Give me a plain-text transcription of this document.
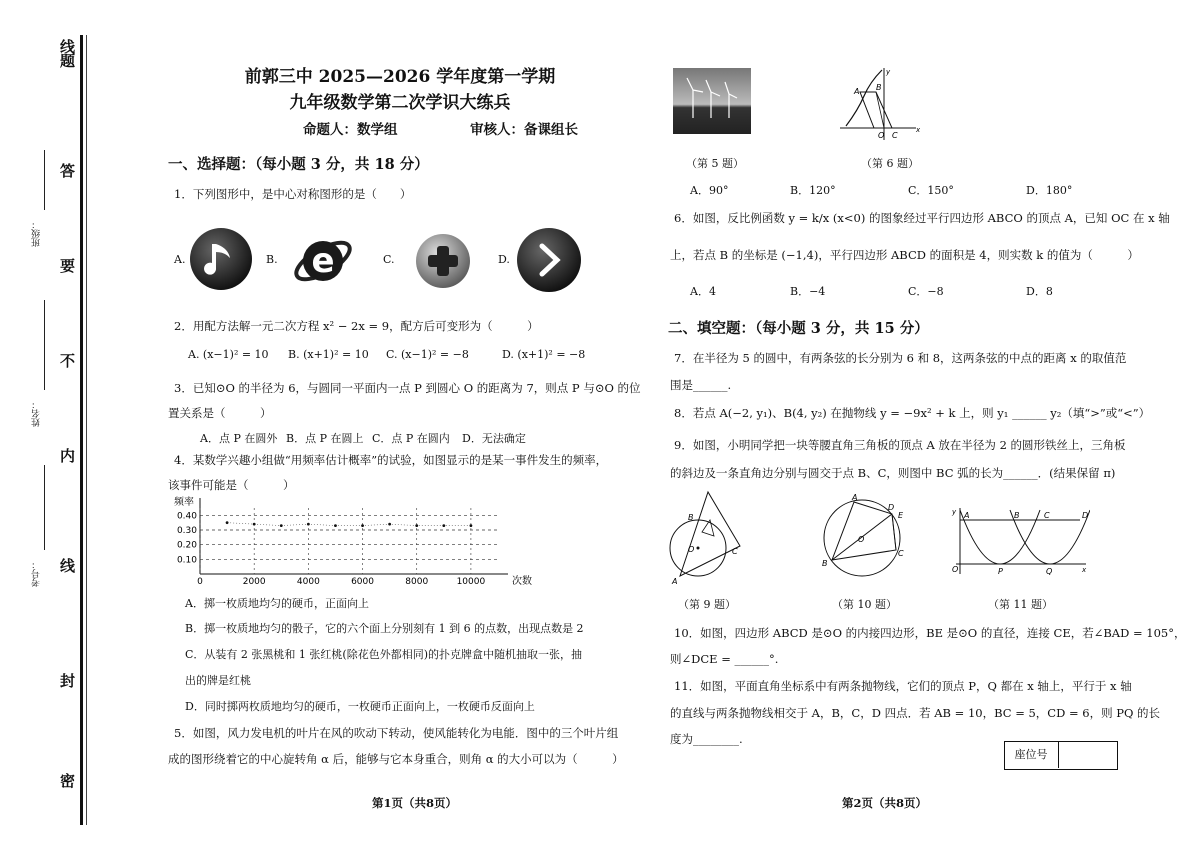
线
题
答
要
不
内
线
封
密
班级：
姓名：
考号：
前郭三中 2025—2026 学年度第一学期
九年级数学第二次学识大练兵
命题人：数学组	审核人：备课组长
一、选择题：（每小题 3 分，共 18 分）
1．下列图形中，是中心对称图形的是（　　）
A.	B. e	C.	D.
2．用配方法解一元二次方程 x² − 2x = 9，配方后可变形为（　　　）
A. (x−1)² = 10 B. (x+1)² = 10 C. (x−1)² = −8	D. (x+1)² = −8
3．已知⊙O 的半径为 6，与圆同一平面内一点 P 到圆心 O 的距离为 7，则点 P 与⊙O 的位
置关系是（　　　）
A．点 P 在圆外 B．点 P 在圆上 C．点 P 在圆内 D．无法确定
4．某数学兴趣小组做“用频率估计概率”的试验，如图显示的是某一事件发生的频率，
该事件可能是（　　　）
0.10
0.20
0.30
0.40
0	2000	4000	6000	8000	10000
频率
次数
A．掷一枚质地均匀的硬币，正面向上
B．掷一枚质地均匀的骰子，它的六个面上分别刻有 1 到 6 的点数，出现点数是 2
C．从装有 2 张黑桃和 1 张红桃(除花色外都相同)的扑克牌盒中随机抽取一张，抽
出的牌是红桃
D．同时掷两枚质地均匀的硬币，一枚硬币正面向上，一枚硬币反面向上
5．如图，风力发电机的叶片在风的吹动下转动，使风能转化为电能．图中的三个叶片组
成的图形绕着它的中心旋转角 α 后，能够与它本身重合，则角 α 的大小可以为（　　　）
第1页（共8页）
（第 5 题）
A B
O C
x
y
（第 6 题）
A．90°	B．120°	C．150°	D．180°
6．如图，反比例函数 y = k/x (x<0) 的图象经过平行四边形 ABCO 的顶点 A，已知 OC 在 x 轴
上，若点 B 的坐标是 (−1,4)，平行四边形 ABCD 的面积是 4，则实数 k 的值为（　　　）
A．4	B．−4	C．−8	D．8
二、填空题：（每小题 3 分，共 15 分）
7．在半径为 5 的圆中，有两条弦的长分别为 6 和 8，这两条弦的中点的距离 x 的取值范
围是______.
8．若点 A(−2, y₁)、B(4, y₂) 在抛物线 y = −9x² + k 上，则 y₁ ______ y₂（填“>”或“<”）
9．如图，小明同学把一块等腰直角三角板的顶点 A 放在半径为 2 的圆形铁丝上，三角板
的斜边及一条直角边分别与圆交于点 B、C，则图中 BC 弧的长为______．(结果保留 π)
O
A
B
C
（第 9 题）
A
B
C
D
E
O
（第 10 题）
A	B	C	D
P	Q
O	x
y
（第 11 题）
10．如图，四边形 ABCD 是⊙O 的内接四边形，BE 是⊙O 的直径，连接 CE，若∠BAD = 105°，
则∠DCE = ______°.
11．如图，平面直角坐标系中有两条抛物线，它们的顶点 P，Q 都在 x 轴上，平行于 x 轴
的直线与两条抛物线相交于 A，B，C，D 四点．若 AB = 10，BC = 5，CD = 6，则 PQ 的长
度为________.
座位号
第2页（共8页）
